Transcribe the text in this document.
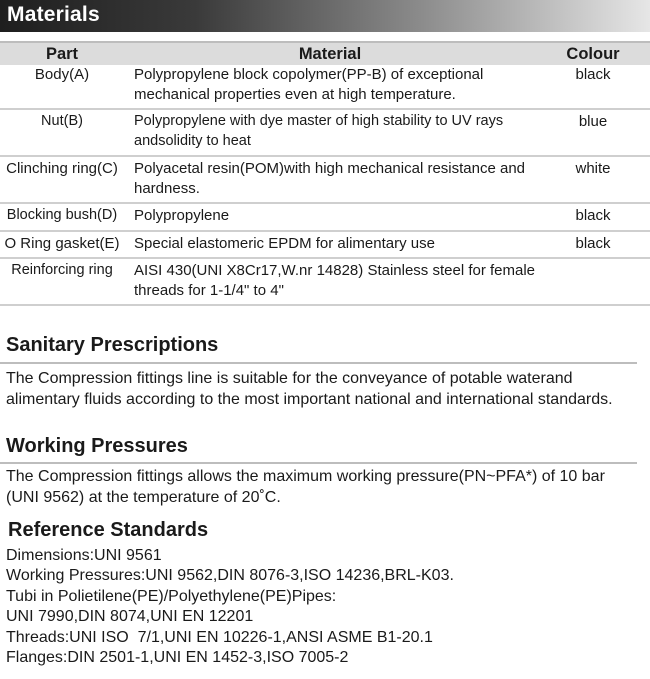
Materials
Part	Material	Colour
Body(A)	Polypropylene block copolymer(PP-B) of exceptional mechanical properties even at high temperature.	black
Nut(B)	Polypropylene with dye master of high stability to UV rays andsolidity to heat	blue
Clinching ring(C)	Polyacetal resin(POM)with high mechanical resistance and hardness.	white
Blocking bush(D)	Polypropylene	black
O Ring gasket(E)	Special elastomeric EPDM for alimentary use	black
Reinforcing ring	AISI 430(UNI X8Cr17,W.nr 14828) Stainless steel for female threads for 1-1/4" to 4"	
Sanitary Prescriptions

The Compression fittings line is suitable for the conveyance of potable waterand alimentary fluids according to the most important national and international standards.

Working Pressures

The Compression fittings allows the maximum working pressure(PN~PFA*) of 10 bar (UNI 9562) at the temperature of 20˚C.

Reference Standards
Dimensions:UNI 9561
Working Pressures:UNI 9562,DIN 8076-3,ISO 14236,BRL-K03.
Tubi in Polietilene(PE)/Polyethylene(PE)Pipes:
UNI 7990,DIN 8074,UNI EN 12201
Threads:UNI ISO  7/1,UNI EN 10226-1,ANSI ASME B1-20.1
Flanges:DIN 2501-1,UNI EN 1452-3,ISO 7005-2
